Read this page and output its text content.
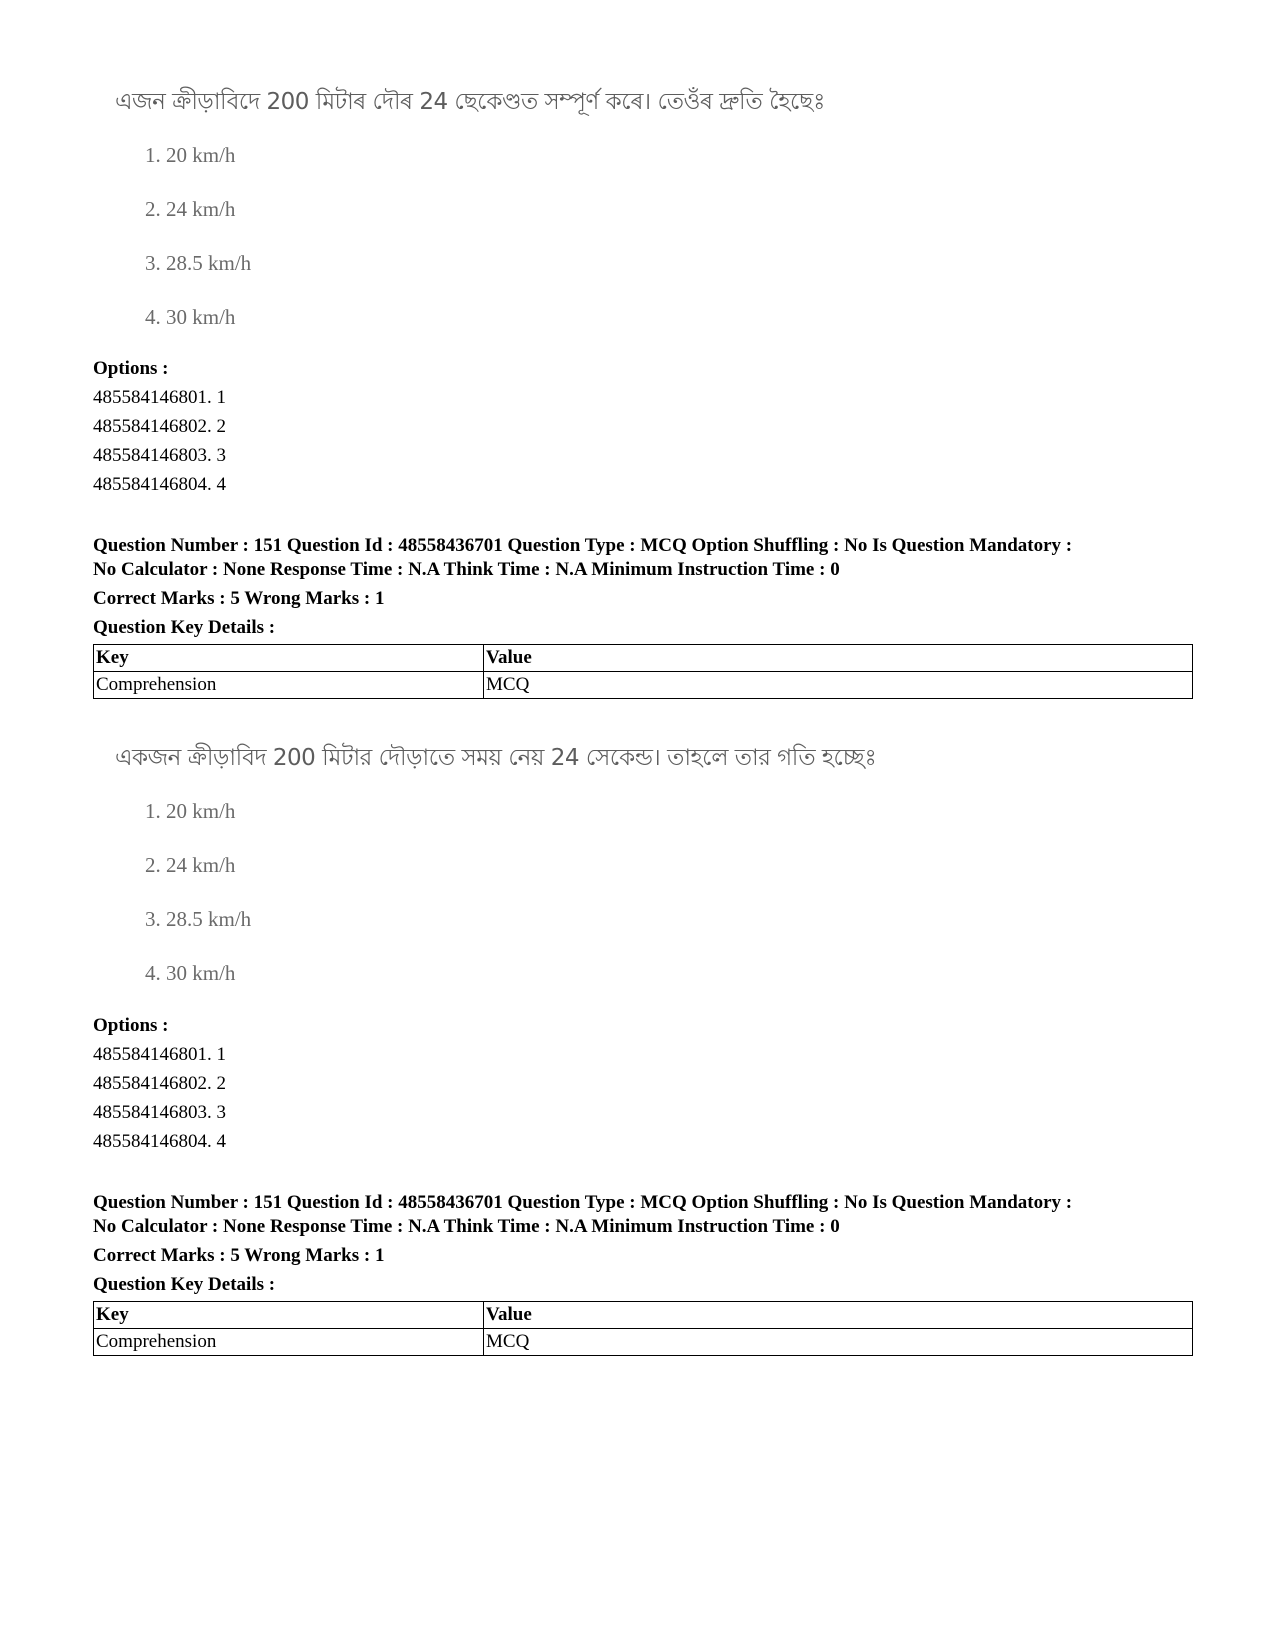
এজন ক্ৰীড়াবিদে 200 মিটাৰ দৌৰ 24 ছেকেণ্ডত সম্পূৰ্ণ কৰে। তেওঁৰ দ্ৰুতি হৈছেঃ
1. 20 km/h
2. 24 km/h
3. 28.5 km/h
4. 30 km/h
Options :
485584146801. 1
485584146802. 2
485584146803. 3
485584146804. 4
Question Number : 151 Question Id : 48558436701 Question Type : MCQ Option Shuffling : No Is Question Mandatory :
No Calculator : None Response Time : N.A Think Time : N.A Minimum Instruction Time : 0
Correct Marks : 5 Wrong Marks : 1
Question Key Details :
Key	Value
Comprehension	MCQ
একজন ক্রীড়াবিদ 200 মিটার দৌড়াতে সময় নেয় 24 সেকেন্ড। তাহলে তার গতি হচ্ছেঃ
1. 20 km/h
2. 24 km/h
3. 28.5 km/h
4. 30 km/h
Options :
485584146801. 1
485584146802. 2
485584146803. 3
485584146804. 4
Question Number : 151 Question Id : 48558436701 Question Type : MCQ Option Shuffling : No Is Question Mandatory :
No Calculator : None Response Time : N.A Think Time : N.A Minimum Instruction Time : 0
Correct Marks : 5 Wrong Marks : 1
Question Key Details :
Key	Value
Comprehension	MCQ
